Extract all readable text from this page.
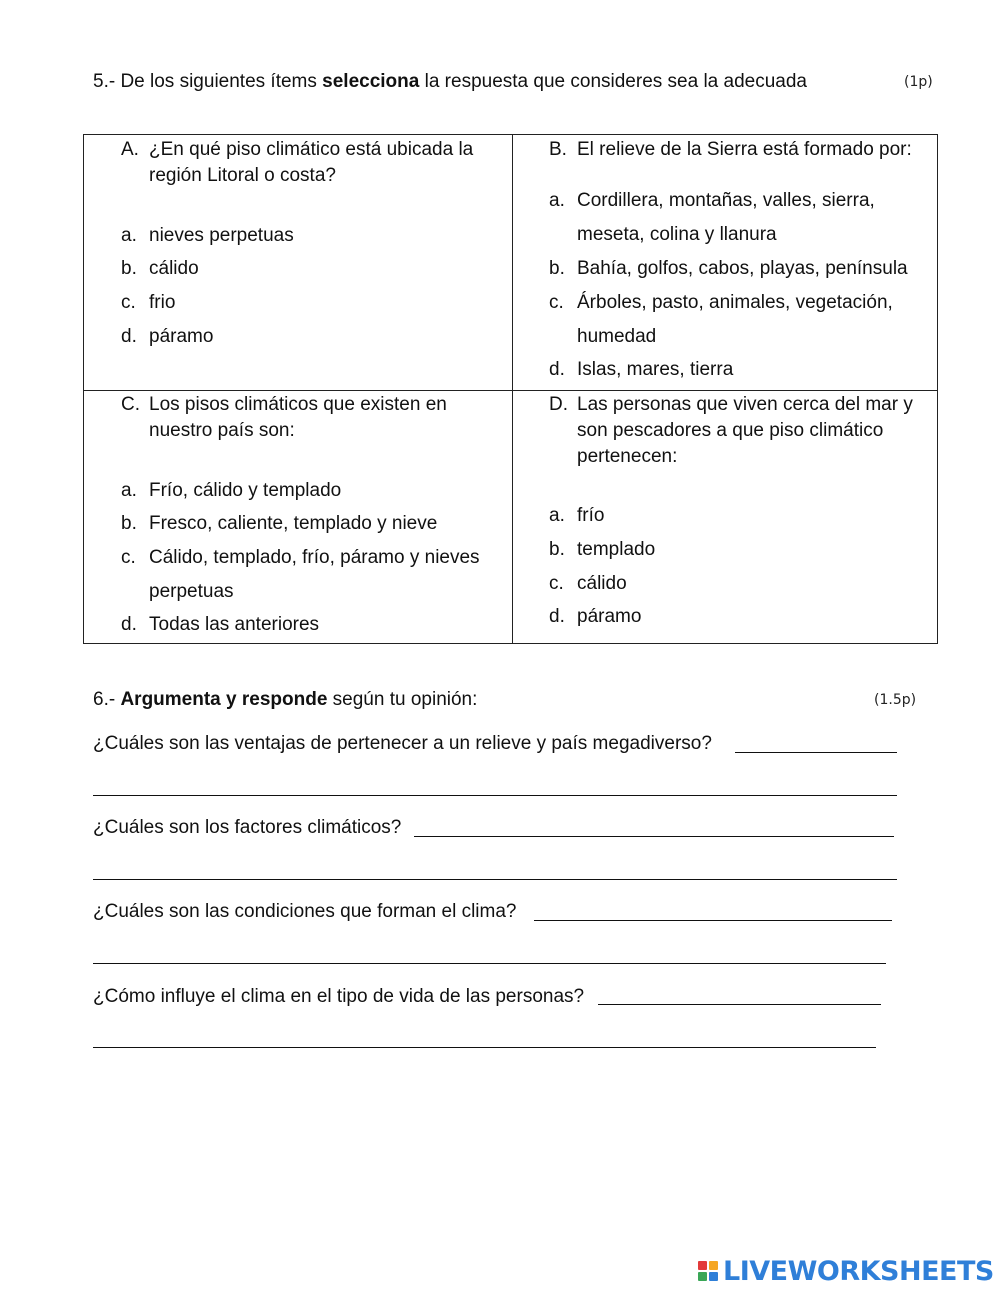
5.- De los siguientes ítems selecciona la respuesta que consideres sea la adecuada	(1p)
A. ¿En qué piso climático está ubicada la
región Litoral o costa?
a. nieves perpetuas
b. cálido
c. frio
d. páramo
B. El relieve de la Sierra está formado por:
a. Cordillera, montañas, valles, sierra,
meseta, colina y llanura
b. Bahía, golfos, cabos, playas, península
c. Árboles, pasto, animales, vegetación,
humedad
d. Islas, mares, tierra
C. Los pisos climáticos que existen en
nuestro país son:
a. Frío, cálido y templado
b. Fresco, caliente, templado y nieve
c. Cálido, templado, frío, páramo y nieves
perpetuas
d. Todas las anteriores
D. Las personas que viven cerca del mar y
son pescadores a que piso climático
pertenecen:
a. frío
b. templado
c. cálido
d. páramo
6.- Argumenta y responde según tu opinión:	(1.5p)
¿Cuáles son las ventajas de pertenecer a un relieve y país megadiverso?
¿Cuáles son los factores climáticos?
¿Cuáles son las condiciones que forman el clima?
¿Cómo influye el clima en el tipo de vida de las personas?
LIVEWORKSHEETS
